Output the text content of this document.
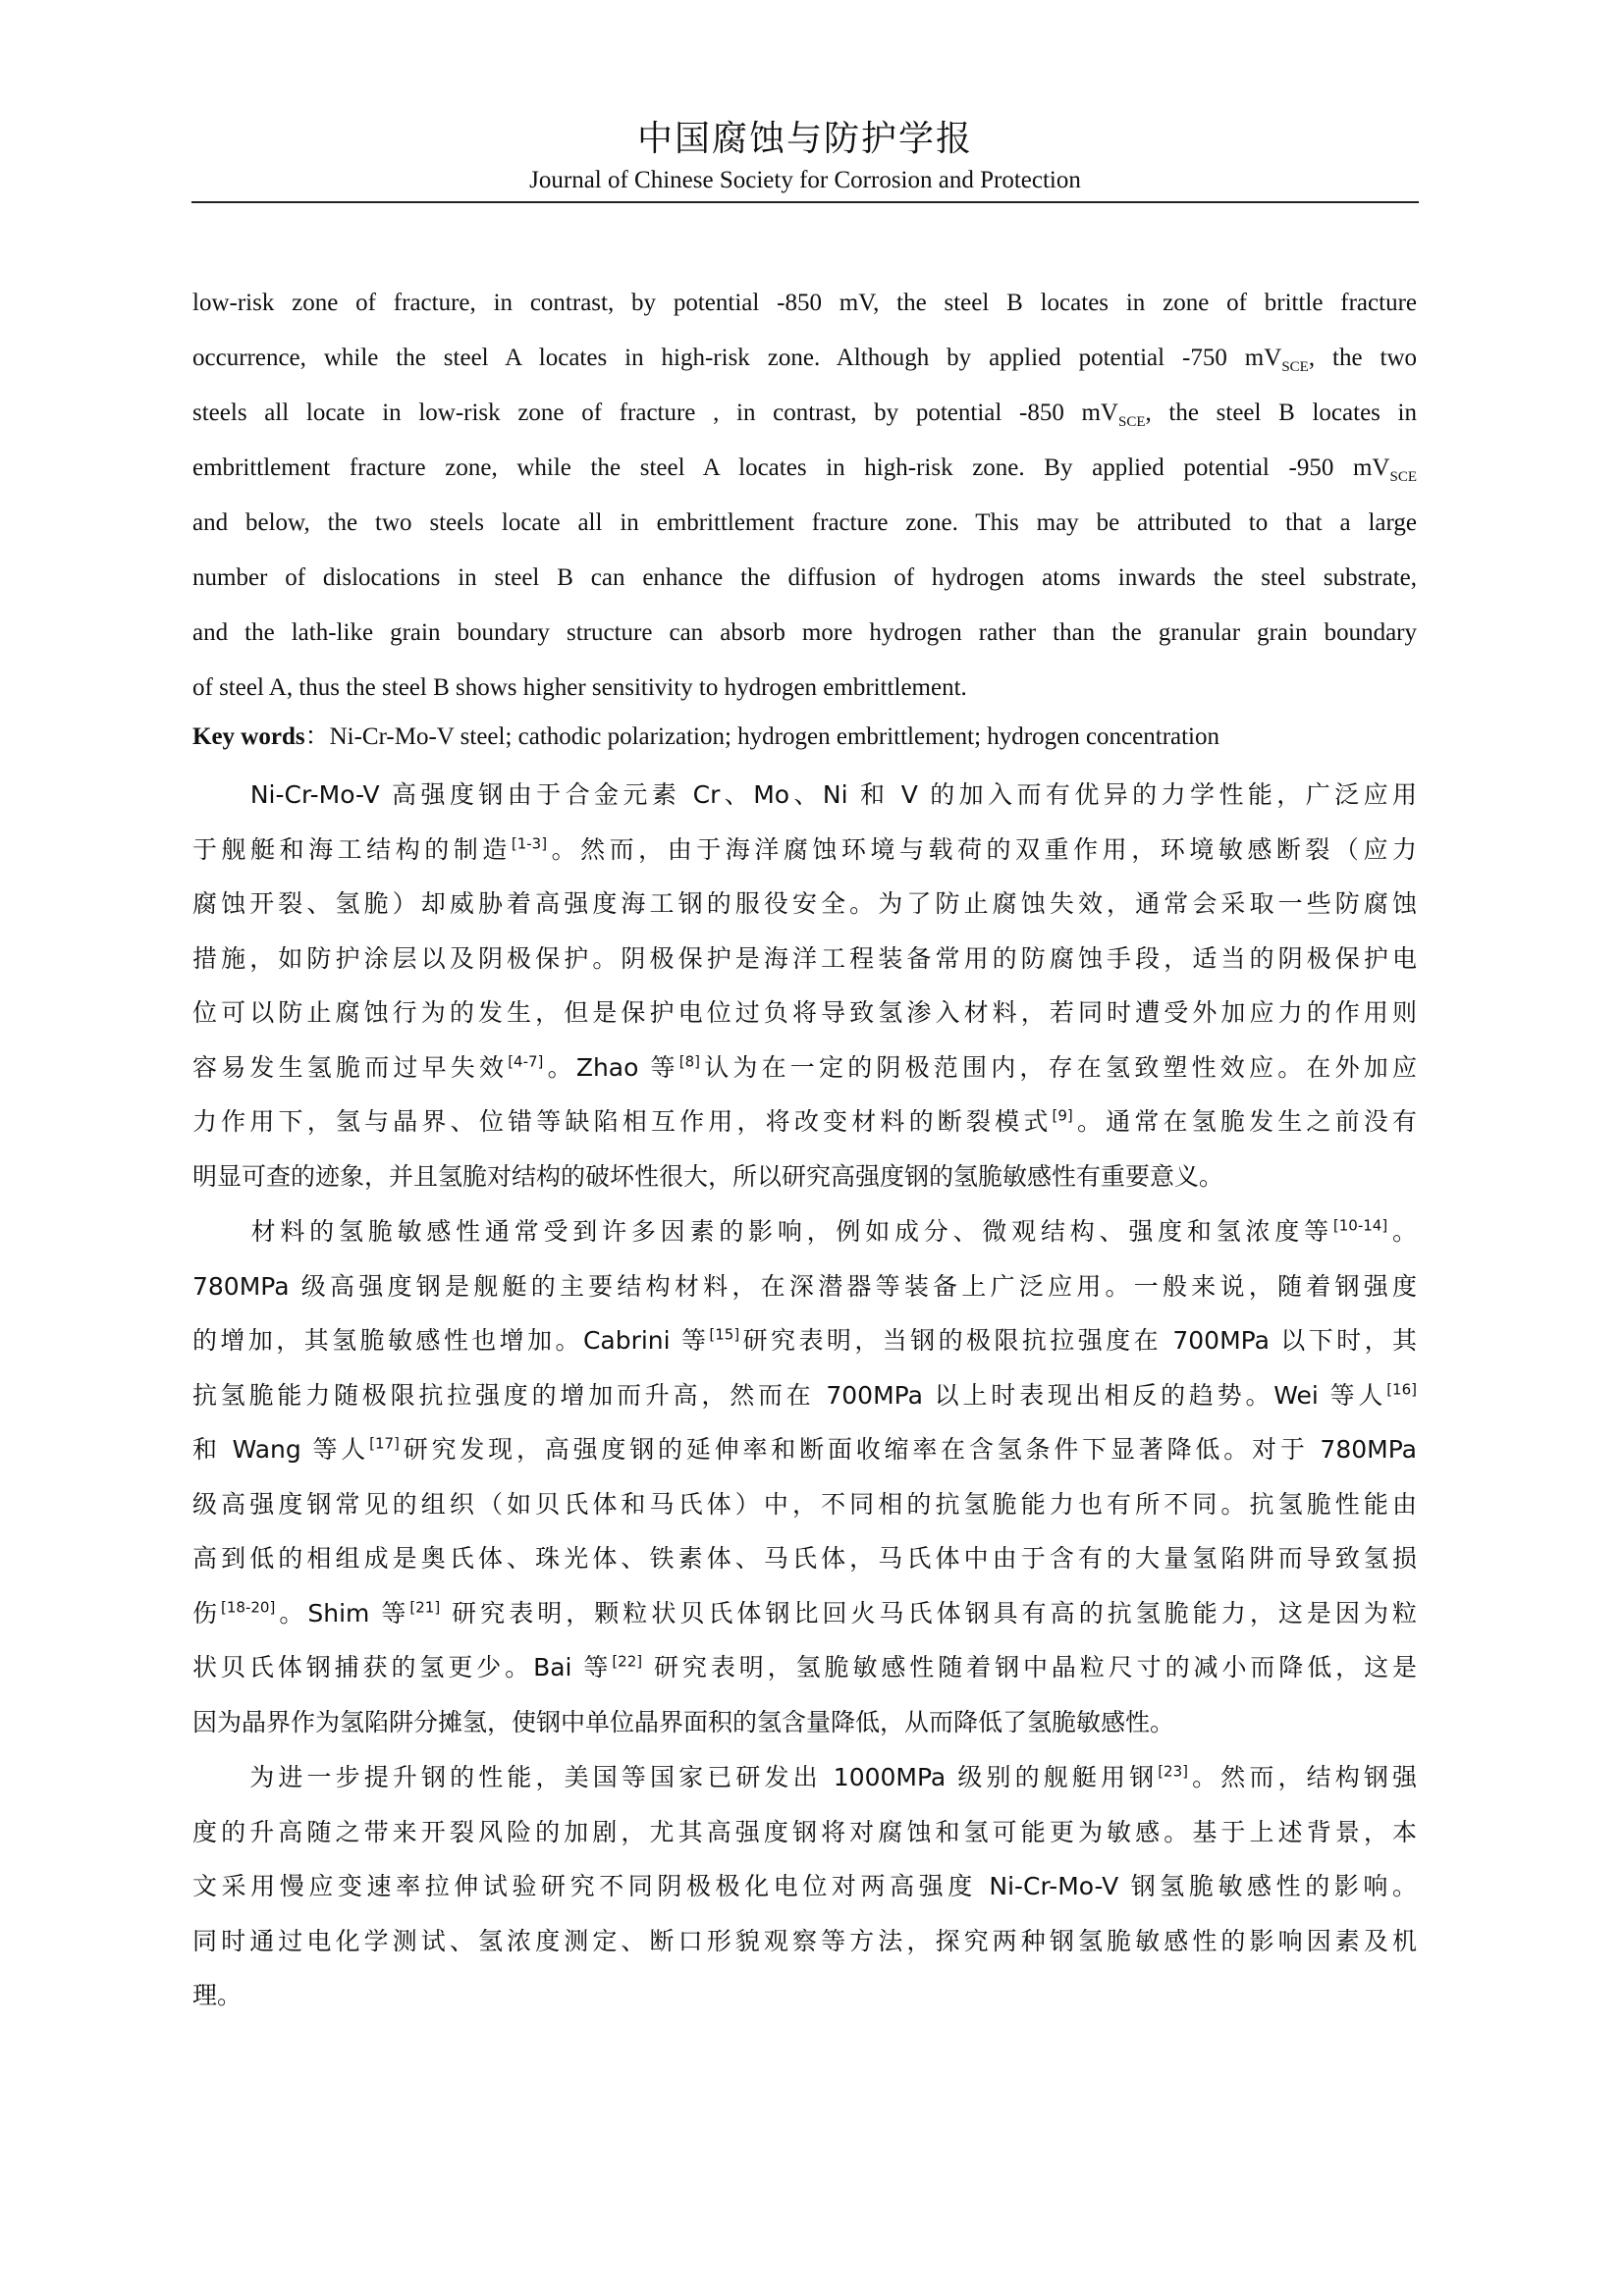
中国腐蚀与防护学报
Journal of Chinese Society for Corrosion and Protection
low-risk zone of fracture, in contrast, by potential -850 mV, the steel B locates in zone of brittle fracture
occurrence, while the steel A locates in high-risk zone. Although by applied potential -750 $mV_{SCE}$, the two
steels all locate in low-risk zone of fracture , in contrast, by potential -850 $mV_{SCE}$, the steel B locates in
embrittlement fracture zone, while the steel A locates in high-risk zone. By applied potential -950 $mV_{SCE}$
and below, the two steels locate all in embrittlement fracture zone. This may be attributed to that a large
number of dislocations in steel B can enhance the diffusion of hydrogen atoms inwards the steel substrate,
and the lath-like grain boundary structure can absorb more hydrogen rather than the granular grain boundary
of steel A, thus the steel B shows higher sensitivity to hydrogen embrittlement.
Key words：Ni-Cr-Mo-V steel; cathodic polarization; hydrogen embrittlement; hydrogen concentration
　　Ni-Cr-Mo-V 高强度钢由于合金元素 Cr、Mo、Ni 和 V 的加入而有优异的力学性能，广泛应用
于舰艇和海工结构的制造[1-3]。然而，由于海洋腐蚀环境与载荷的双重作用，环境敏感断裂（应力
腐蚀开裂、氢脆）却威胁着高强度海工钢的服役安全。为了防止腐蚀失效，通常会采取一些防腐蚀
措施，如防护涂层以及阴极保护。阴极保护是海洋工程装备常用的防腐蚀手段，适当的阴极保护电
位可以防止腐蚀行为的发生，但是保护电位过负将导致氢渗入材料，若同时遭受外加应力的作用则
容易发生氢脆而过早失效[4-7]。Zhao 等[8]认为在一定的阴极范围内，存在氢致塑性效应。在外加应
力作用下，氢与晶界、位错等缺陷相互作用，将改变材料的断裂模式[9]。通常在氢脆发生之前没有
明显可查的迹象，并且氢脆对结构的破坏性很大，所以研究高强度钢的氢脆敏感性有重要意义。
　　材料的氢脆敏感性通常受到许多因素的影响，例如成分、微观结构、强度和氢浓度等[10-14]。
780MPa 级高强度钢是舰艇的主要结构材料，在深潜器等装备上广泛应用。一般来说，随着钢强度
的增加，其氢脆敏感性也增加。Cabrini 等[15]研究表明，当钢的极限抗拉强度在 700MPa 以下时，其
抗氢脆能力随极限抗拉强度的增加而升高，然而在 700MPa 以上时表现出相反的趋势。Wei 等人[16]
和 Wang 等人[17]研究发现，高强度钢的延伸率和断面收缩率在含氢条件下显著降低。对于 780MPa
级高强度钢常见的组织（如贝氏体和马氏体）中，不同相的抗氢脆能力也有所不同。抗氢脆性能由
高到低的相组成是奥氏体、珠光体、铁素体、马氏体，马氏体中由于含有的大量氢陷阱而导致氢损
伤[18-20]。Shim 等[21] 研究表明，颗粒状贝氏体钢比回火马氏体钢具有高的抗氢脆能力，这是因为粒
状贝氏体钢捕获的氢更少。Bai 等[22] 研究表明，氢脆敏感性随着钢中晶粒尺寸的减小而降低，这是
因为晶界作为氢陷阱分摊氢，使钢中单位晶界面积的氢含量降低，从而降低了氢脆敏感性。
　　为进一步提升钢的性能，美国等国家已研发出 1000MPa 级别的舰艇用钢[23]。然而，结构钢强
度的升高随之带来开裂风险的加剧，尤其高强度钢将对腐蚀和氢可能更为敏感。基于上述背景，本
文采用慢应变速率拉伸试验研究不同阴极极化电位对两高强度 Ni-Cr-Mo-V 钢氢脆敏感性的影响。
同时通过电化学测试、氢浓度测定、断口形貌观察等方法，探究两种钢氢脆敏感性的影响因素及机
理。
